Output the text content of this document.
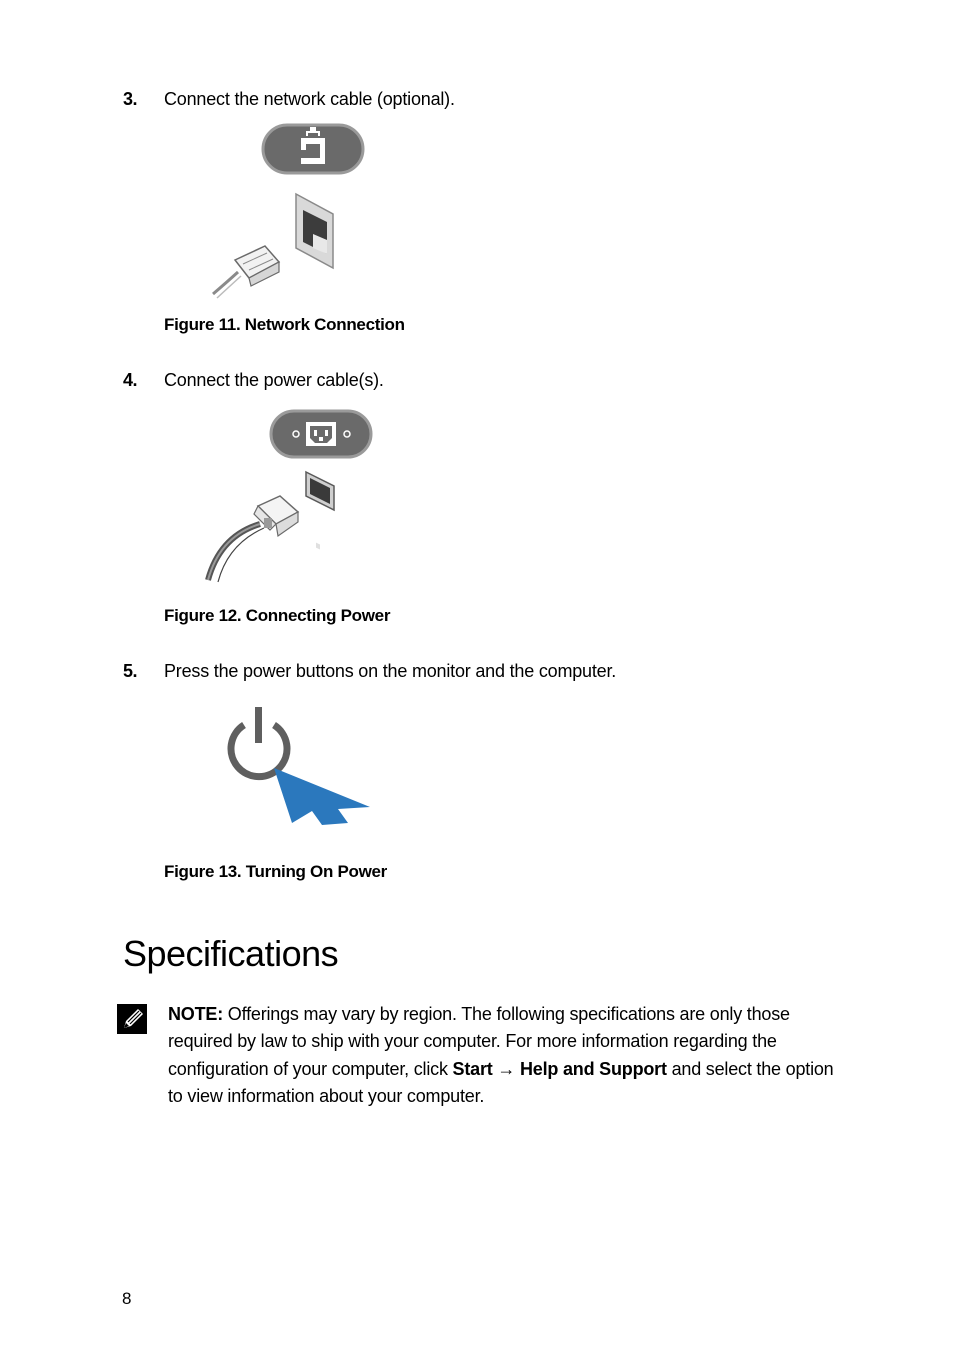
3. Connect the network cable (optional).
Figure 11. Network Connection
4. Connect the power cable(s).
Figure 12. Connecting Power
5. Press the power buttons on the monitor and the computer.
Figure 13. Turning On Power
Specifications
NOTE: Offerings may vary by region. The following specifications are only those required by law to ship with your computer. For more information regarding the configuration of your computer, click Start → Help and Support and select the option to view information about your computer.
8
